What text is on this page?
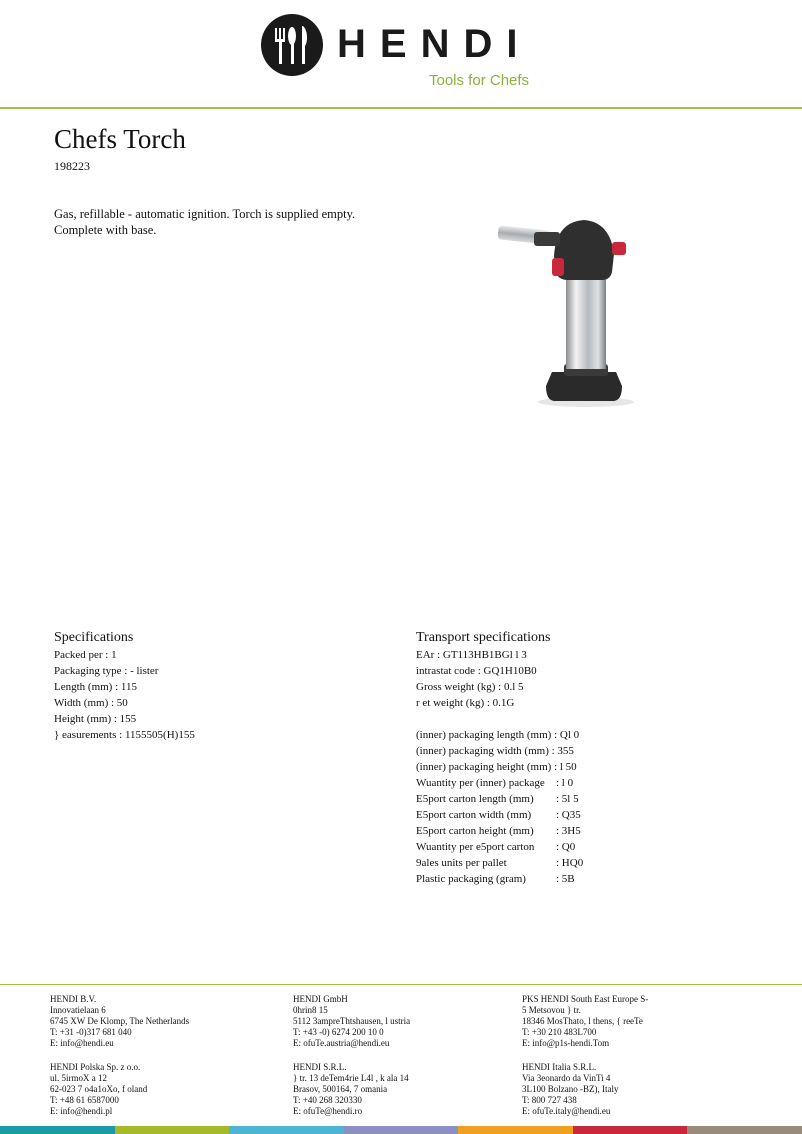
HENDI
Tools for Chefs
Chefs Torch
198223
Gas, refillable - automatic ignition. Torch is supplied empty.
Complete with base.
Specifications
Packed per : 1
Packaging type : - lister
Length (mm) : 115
Width (mm) : 50
Height (mm) : 155
} easurements : 1155505(H)155
Transport specifications
EAr : GT113HB1BGl l 3
ìntrastat code : GQ1H10B0
Gross weight (kg) : 0.l 5
r et weight (kg) : 0.1G
(inner) packaging length (mm) : Ql 0
(inner) packaging width (mm) : 355
(inner) packaging height (mm) : l 50
Wuantity per (inner) package : l 0
E5port carton length (mm) : 5l 5
E5port carton width (mm) : Q35
E5port carton height (mm) : 3H5
Wuantity per e5port carton : Q0
9ales units per pallet	: HQ0
Plastic packaging (gram)	: 5B
HENDI B.V.
Innovatielaan 6
6745 XW De Klomp, The Netherlands
T: +31 -0)317 681 040
E: info@hendi.eu
HENDI GmbH
0hrin8 15
5112 3ampreThtshausen, l ustria
T: +43 -0) 6274 200 10 0
E: ofuTe.austria@hendi.eu
PKS HENDI South East Europe S-
5 Metsovou } tr.
18346 MosThato, l thens, { reeTe
T: +30 210 483L700
E: info@p1s-hendi.Tom
HENDI Polska Sp. z o.o.
ul. 5irmoX a 12
62-023 7 o4a1oXo, f oland
T: +48 61 6587000
E: info@hendi.pl
HENDI S.R.L.
} tr. 13 deTem4rie L4l , k ala 14
Brasov, 500164, 7 omania
T: +40 268 320330
E: ofuTe@hendi.ro
HENDI Italia S.R.L.
Via 3eonardo da VinTi 4
3L100 Bolzano -BZ), Italy
T: 800 727 438
E: ofuTe.italy@hendi.eu
